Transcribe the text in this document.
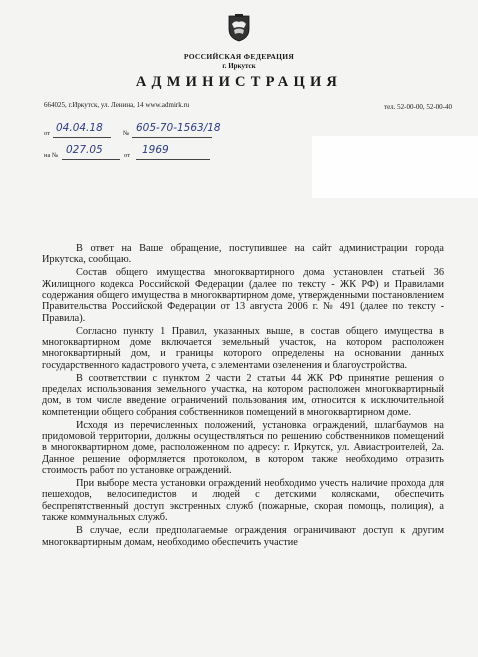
РОССИЙСКАЯ ФЕДЕРАЦИЯ
г. Иркутск
АДМИНИСТРАЦИЯ
664025, г.Иркутск, ул. Ленина, 14 www.admirk.ru	тел. 52-00-00, 52-00-40
от 04.04.18	№ 605-70-1563/18
на № 027.05	от 1969

В ответ на Ваше обращение, поступившее на сайт администрации города Иркутска, сообщаю.

Состав общего имущества многоквартирного дома установлен статьей 36 Жилищного кодекса Российской Федерации (далее по тексту - ЖК РФ) и Правилами содержания общего имущества в многоквартирном доме, утвержденными постановлением Правительства Российской Федерации от 13 августа 2006 г. № 491 (далее по тексту - Правила).

Согласно пункту 1 Правил, указанных выше, в состав общего имущества в многоквартирном доме включается земельный участок, на котором расположен многоквартирный дом, и границы которого определены на основании данных государственного кадастрового учета, с элементами озеленения и благоустройства.

В соответствии с пунктом 2 части 2 статьи 44 ЖК РФ принятие решения о пределах использования земельного участка, на котором расположен многоквартирный дом, в том числе введение ограничений пользования им, относится к исключительной компетенции общего собрания собственников помещений в многоквартирном доме.

Исходя из перечисленных положений, установка ограждений, шлагбаумов на придомовой территории, должны осуществляться по решению собственников помещений в многоквартирном доме, расположенном по адресу: г. Иркутск, ул. Авиастроителей, 2а. Данное решение оформляется протоколом, в котором также необходимо отразить стоимость работ по установке ограждений.

При выборе места установки ограждений необходимо учесть наличие прохода для пешеходов, велосипедистов и людей с детскими колясками, обеспечить беспрепятственный доступ экстренных служб (пожарные, скорая помощь, полиция), а также коммунальных служб.

В случае, если предполагаемые ограждения ограничивают доступ к другим многоквартирным домам, необходимо обеспечить участие
